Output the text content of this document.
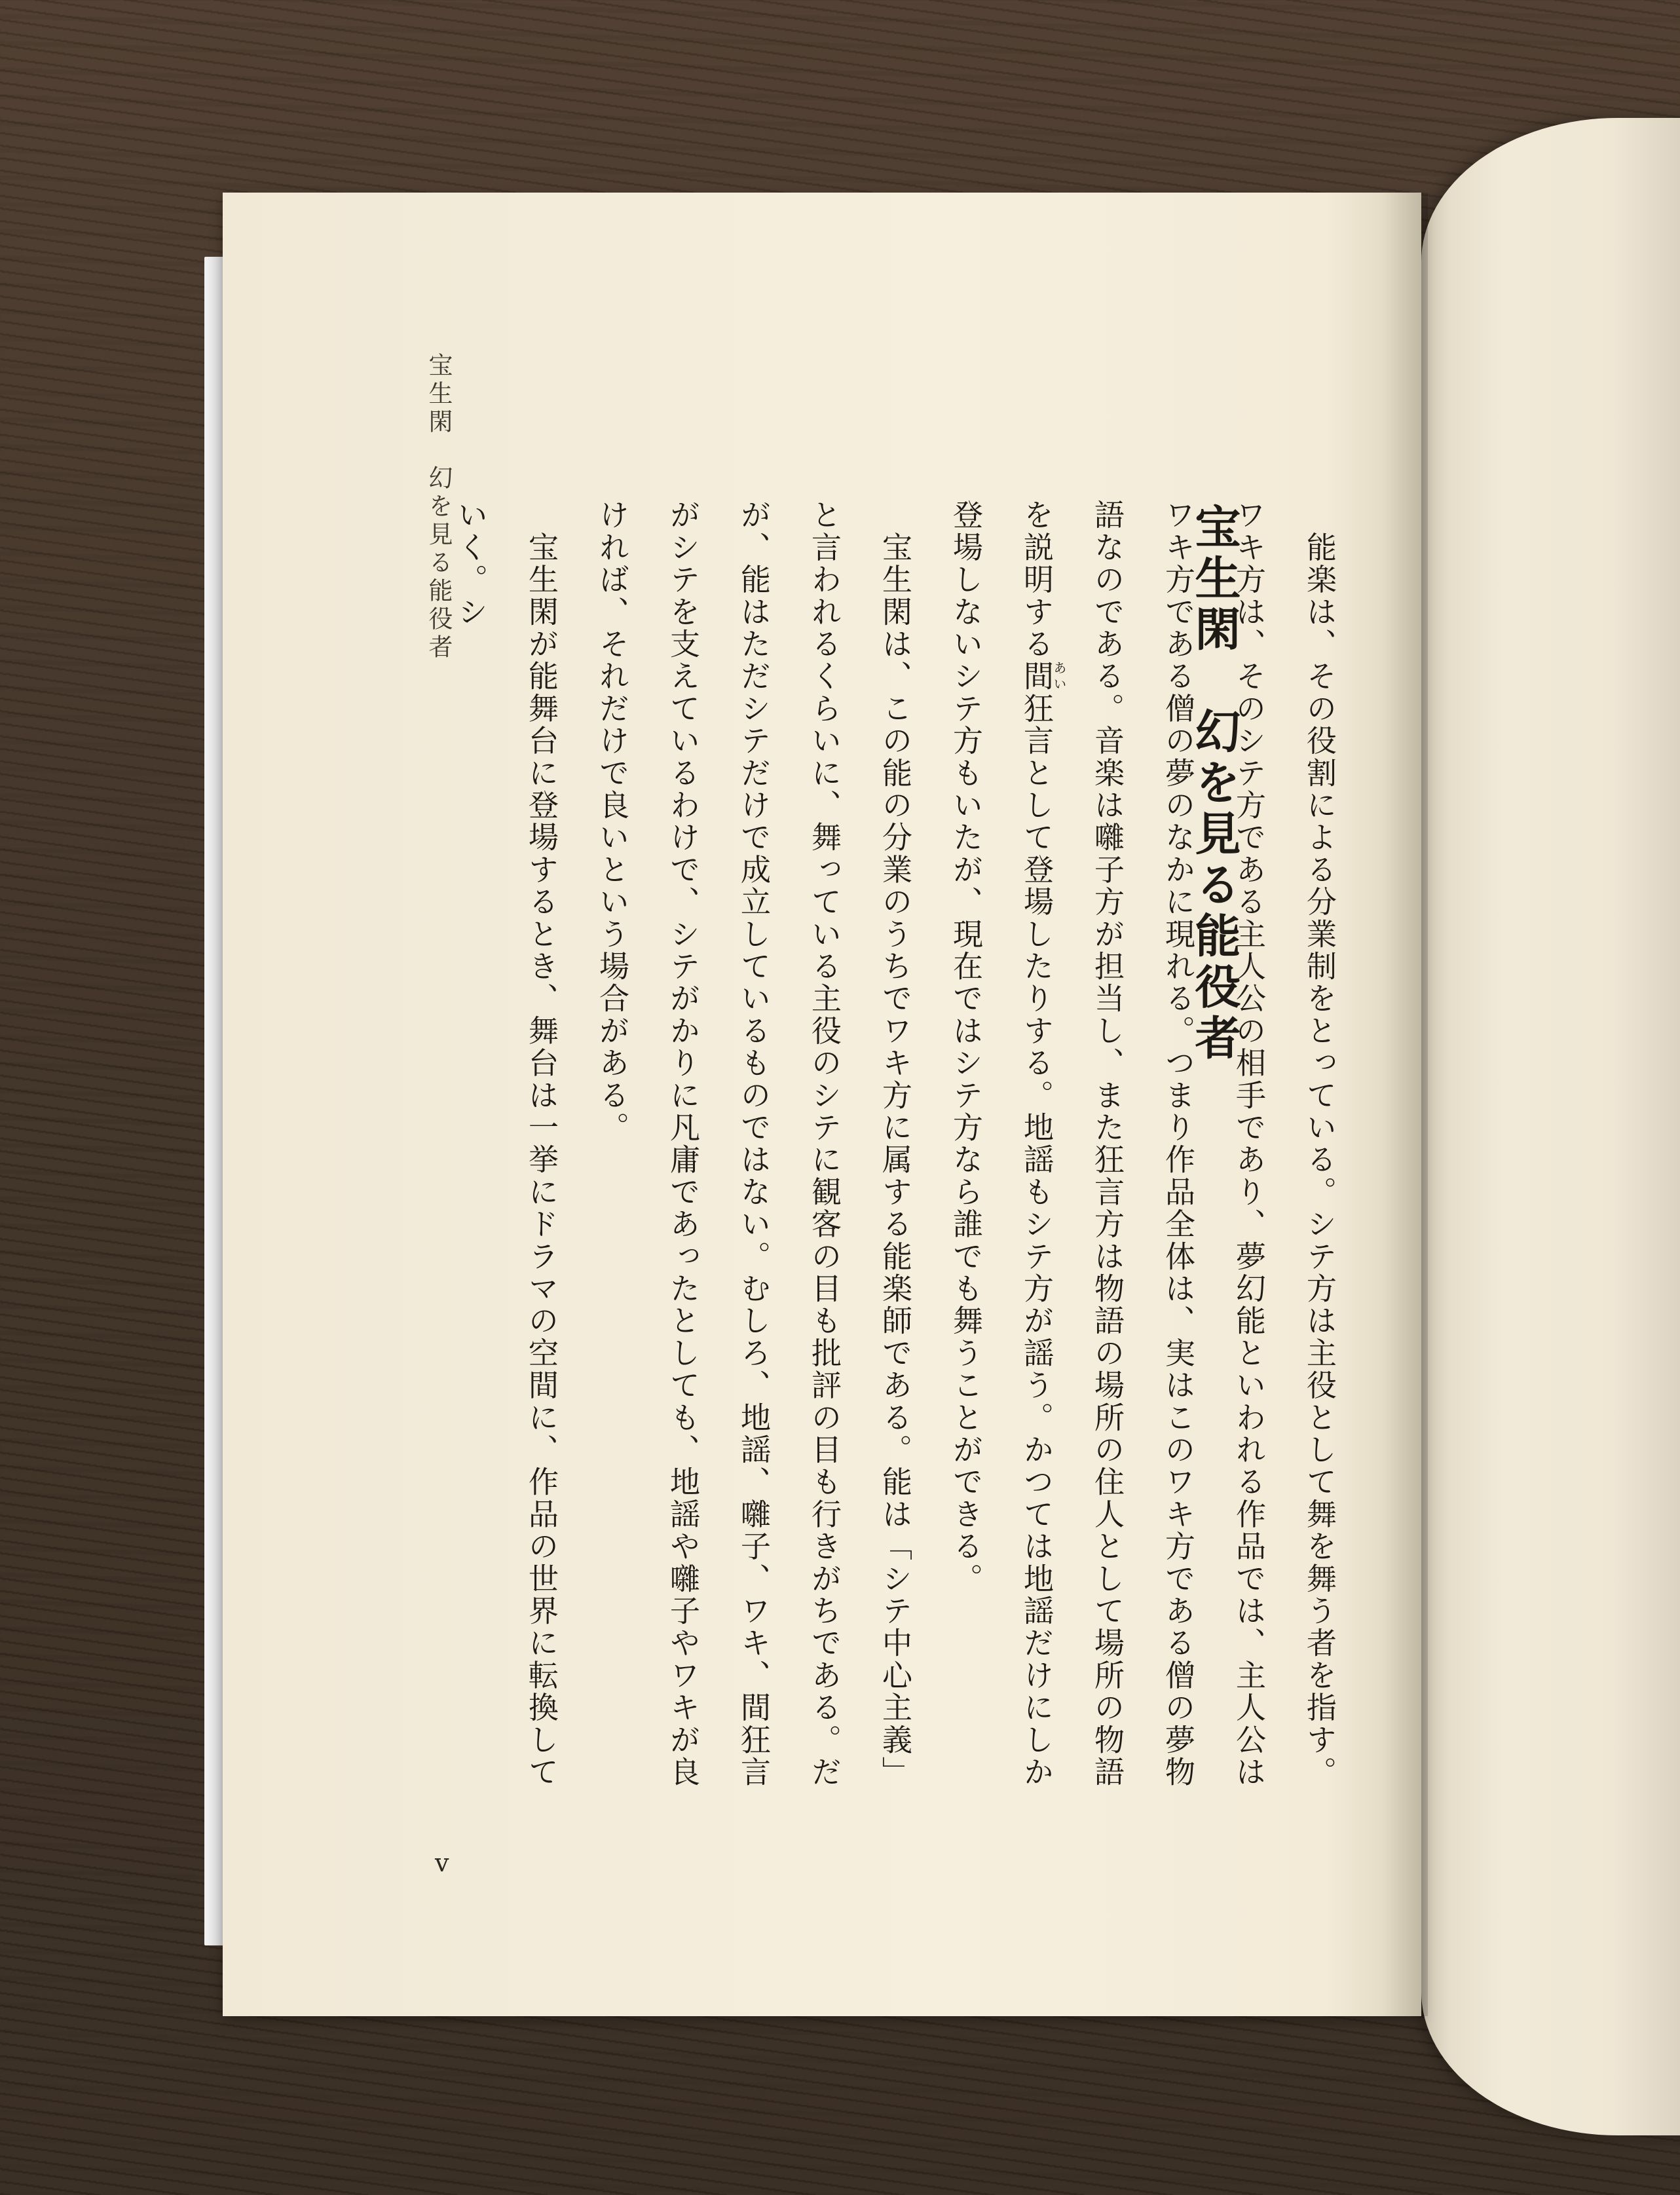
宝生閑　幻を見る能役者	　能楽は、その役割による分業制をとっている。シテ方は主役として舞を舞う者を指す。ワキ方は、そのシテ方である主人公の相手であり、夢幻能といわれる作品では、主人公はワキ方である僧の夢のなかに現れる。つまり作品全体は、実はこのワキ方である僧の夢物語なのである。音楽は囃子方が担当し、また狂言方は物語の場所の住人として場所の物語を説明する間あい狂言として登場したりする。地謡もシテ方が謡う。かつては地謡だけにしか登場しないシテ方もいたが、現在ではシテ方なら誰でも舞うことができる。

　宝生閑は、この能の分業のうちでワキ方に属する能楽師である。能は「シテ中心主義」と言われるくらいに、舞っている主役のシテに観客の目も批評の目も行きがちである。だが、能はただシテだけで成立しているものではない。むしろ、地謡、囃子、ワキ、間狂言がシテを支えているわけで、シテがかりに凡庸であったとしても、地謡や囃子やワキが良ければ、それだけで良いという場合がある。

　宝生閑が能舞台に登場するとき、舞台は一挙にドラマの空間に、作品の世界に転換していく。シ

宝生閑　幻を見る能役者
v
